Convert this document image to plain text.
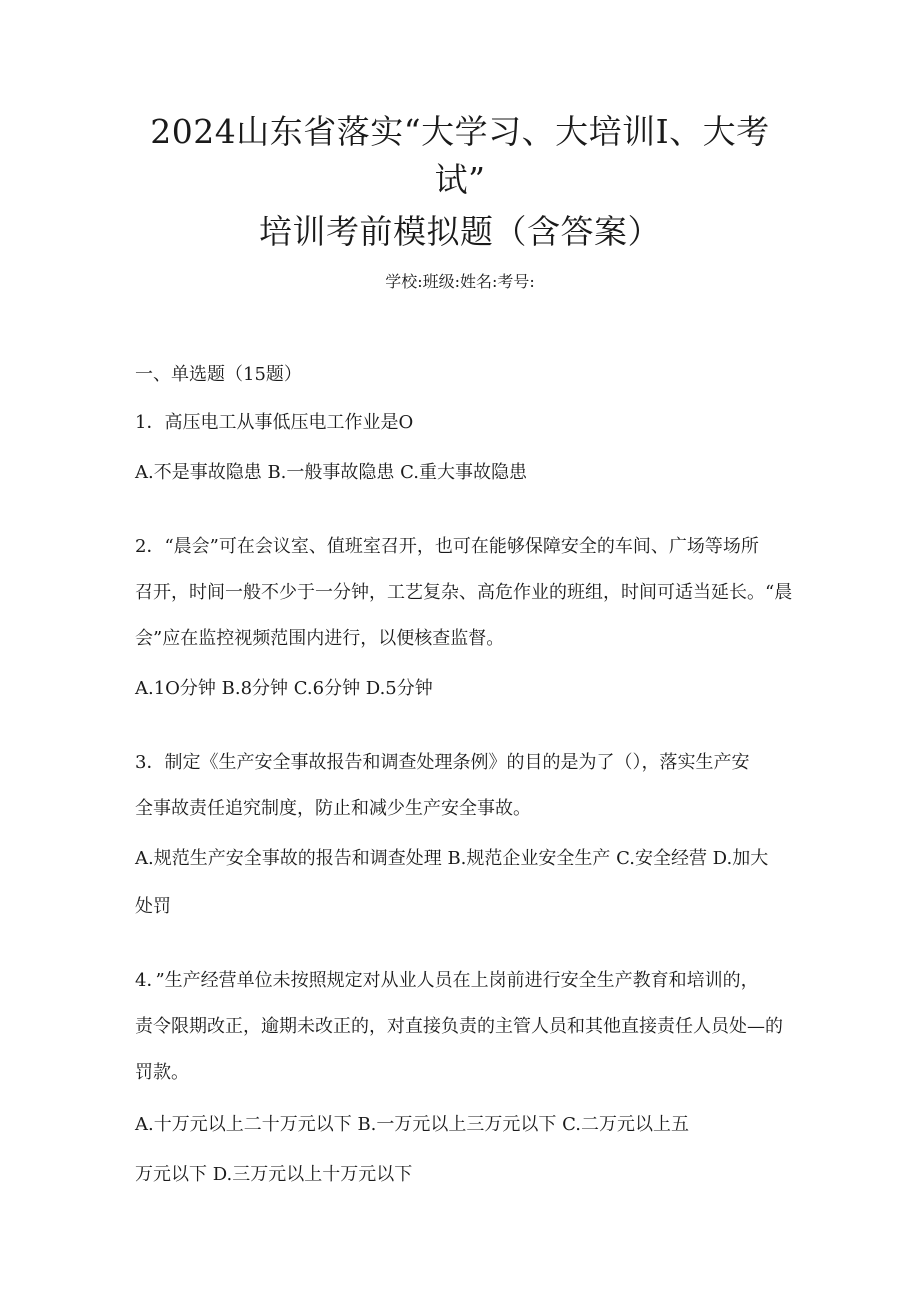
2024山东省落实“大学习、大培训I、大考
试”
培训考前模拟题（含答案）
学校:班级:姓名:考号:
一、单选题（15题）
1．高压电工从事低压电工作业是O
A.不是事故隐患 B.一般事故隐患 C.重大事故隐患
2．“晨会”可在会议室、值班室召开，也可在能够保障安全的车间、广场等场所
召开，时间一般不少于一分钟，工艺复杂、高危作业的班组，时间可适当延长。“晨
会”应在监控视频范围内进行，以便核查监督。
A.1O分钟 B.8分钟 C.6分钟 D.5分钟
3．制定《生产安全事故报告和调查处理条例》的目的是为了（），落实生产安
全事故责任追究制度，防止和减少生产安全事故。
A.规范生产安全事故的报告和调查处理 B.规范企业安全生产 C.安全经营 D.加大
处罚
4．”生产经营单位未按照规定对从业人员在上岗前进行安全生产教育和培训的，
责令限期改正，逾期未改正的，对直接负责的主管人员和其他直接责任人员处—的
罚款。
A.十万元以上二十万元以下 B.一万元以上三万元以下 C.二万元以上五
万元以下 D.三万元以上十万元以下
